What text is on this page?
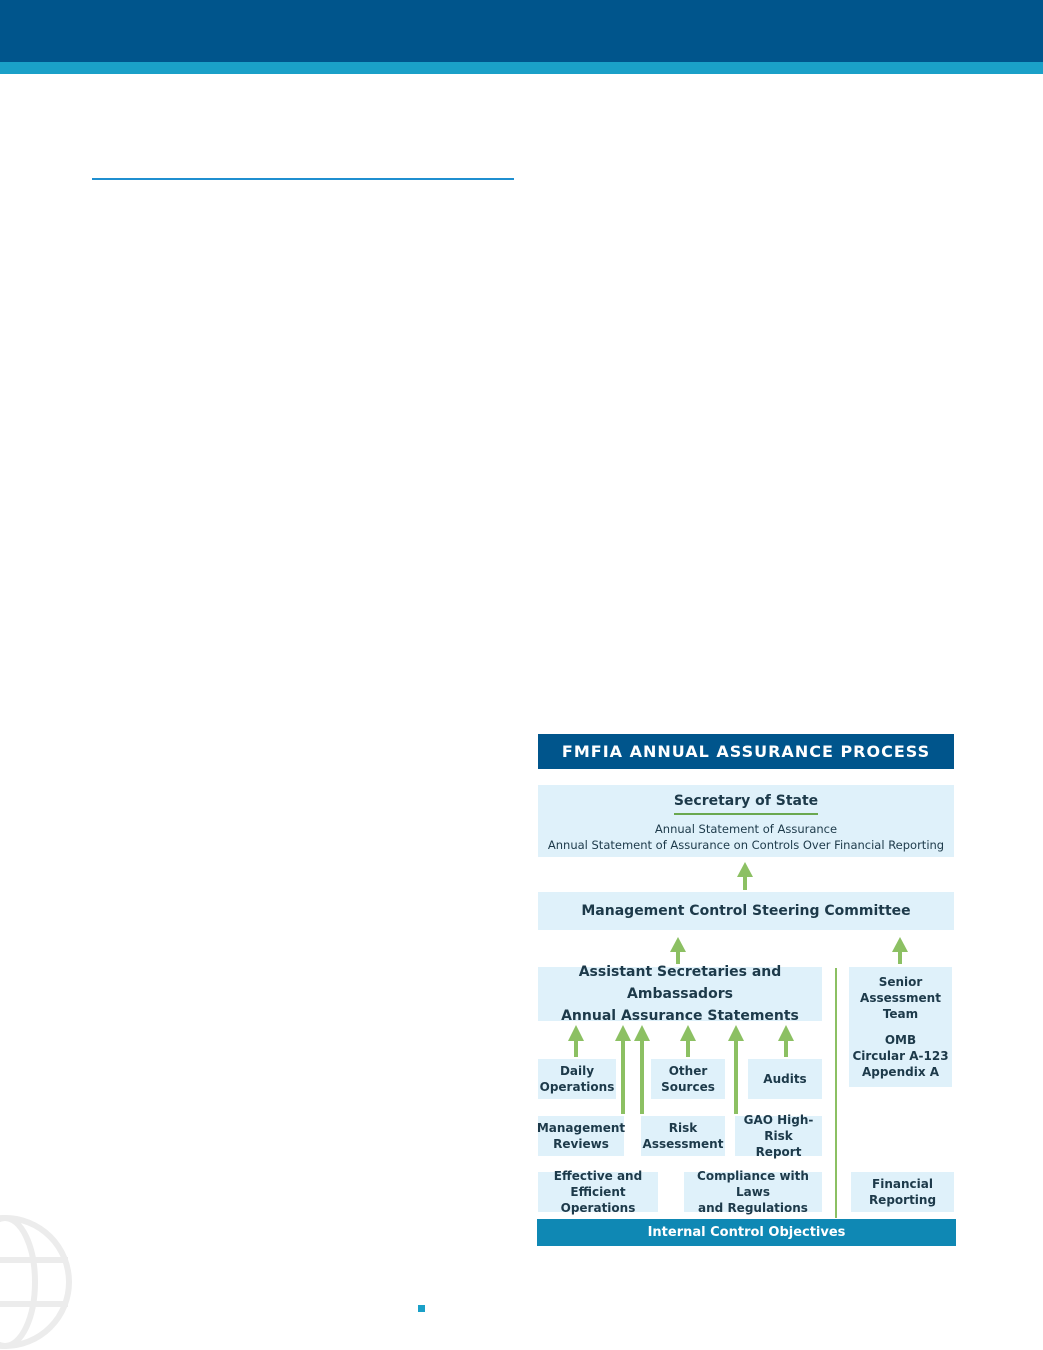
FMFIA ANNUAL ASSURANCE PROCESS
Secretary of State
Annual Statement of Assurance
Annual Statement of Assurance on Controls Over Financial Reporting
Management Control Steering Committee
Assistant Secretaries and Ambassadors
Annual Assurance Statements
Senior
Assessment
Team
OMB
Circular A-123
Appendix A
Daily
Operations
Other
Sources
Audits
Management
Reviews
Risk
Assessment
GAO High-Risk
Report
Effective and
Efficient Operations
Compliance with Laws
and Regulations
Financial
Reporting
Internal Control Objectives
